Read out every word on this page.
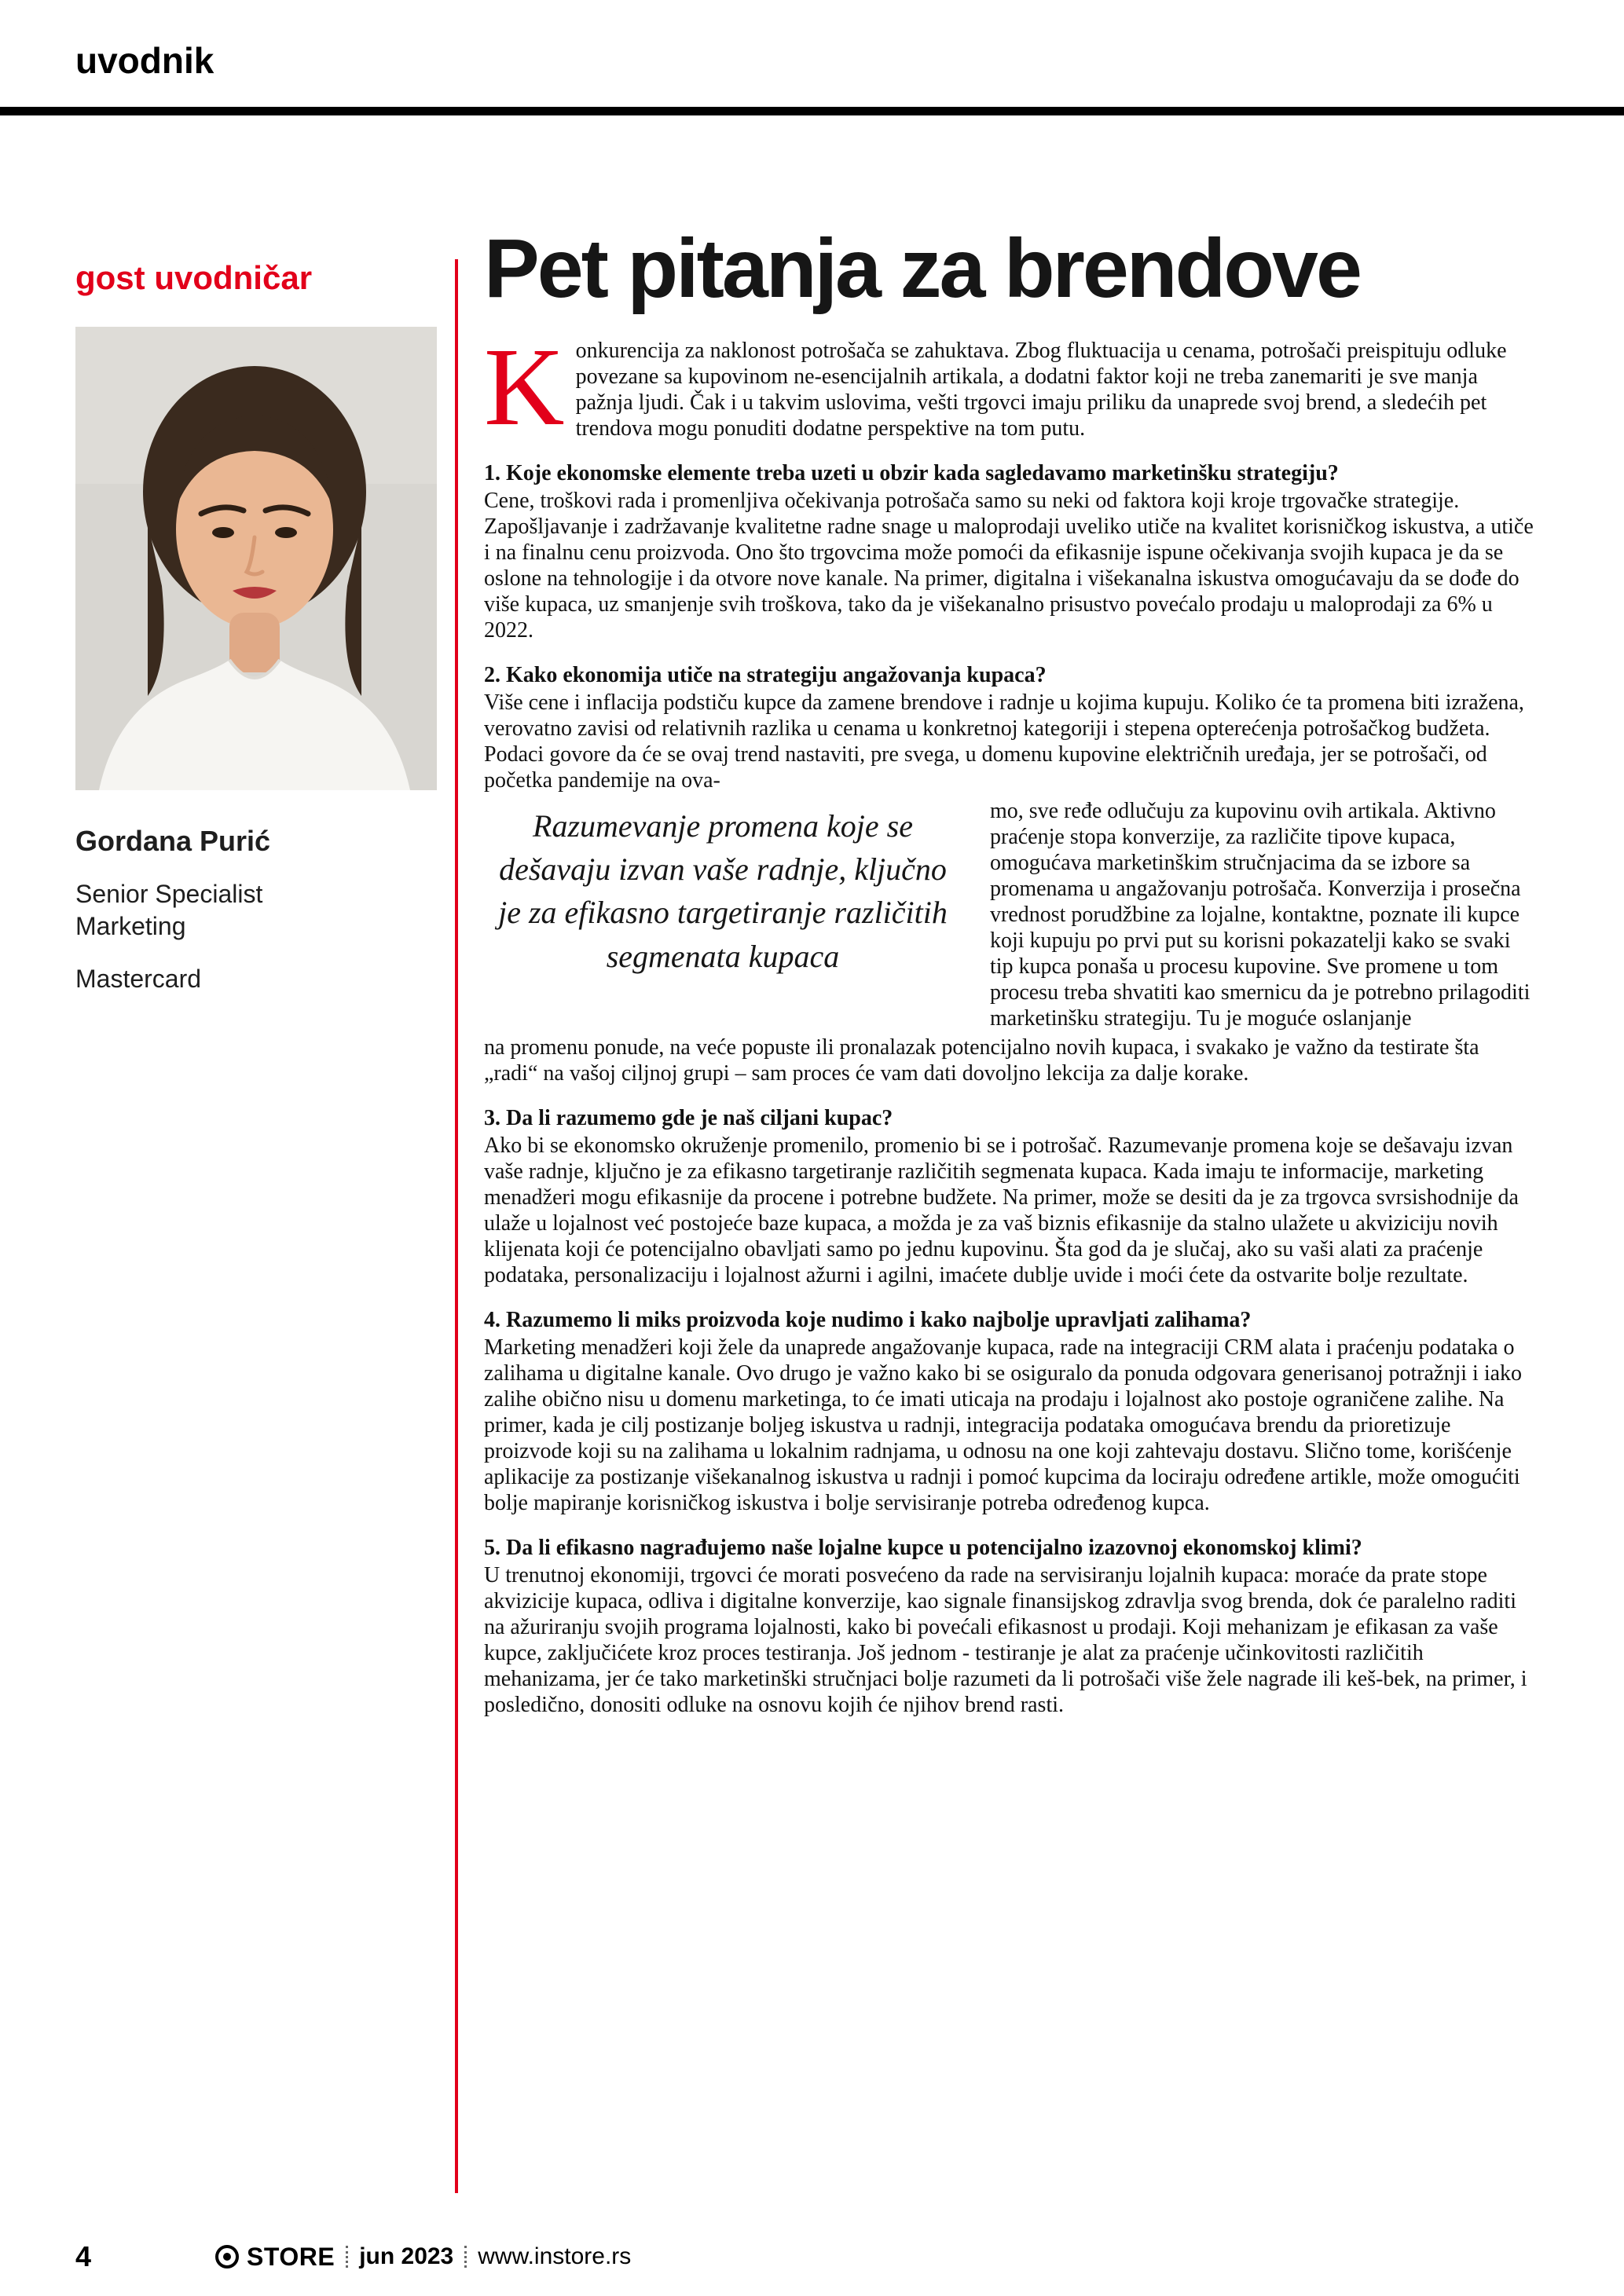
uvodnik
gost uvodničar
Gordana Purić
Senior Specialist
Marketing
Mastercard
Pet pitanja za brendove

Konkurencija za naklonost potrošača se zahuktava. Zbog fluktuacija u cenama, potrošači preispituju odluke povezane sa kupovinom ne-esencijalnih artikala, a dodatni faktor koji ne treba zanemariti je sve manja pažnja ljudi. Čak i u takvim uslovima, vešti trgovci imaju priliku da unaprede svoj brend, a sledećih pet trendova mogu ponuditi dodatne perspektive na tom putu.

1. Koje ekonomske elemente treba uzeti u obzir kada sagledavamo marketinšku strategiju?

Cene, troškovi rada i promenljiva očekivanja potrošača samo su neki od faktora koji kroje trgovačke strategije. Zapošljavanje i zadržavanje kvalitetne radne snage u maloprodaji uveliko utiče na kvalitet korisničkog iskustva, a utiče i na finalnu cenu proizvoda. Ono što trgovcima može pomoći da efikasnije ispune očekivanja svojih kupaca je da se oslone na tehnologije i da otvore nove kanale. Na primer, digitalna i višekanalna iskustva omogućavaju da se dođe do više kupaca, uz smanjenje svih troškova, tako da je višekanalno prisustvo povećalo prodaju u maloprodaji za 6% u 2022.

2. Kako ekonomija utiče na strategiju angažovanja kupaca?

Više cene i inflacija podstiču kupce da zamene brendove i radnje u kojima kupuju. Koliko će ta promena biti izražena, verovatno zavisi od relativnih razlika u cenama u konkretnoj kategoriji i stepena opterećenja potrošačkog budžeta. Podaci govore da će se ovaj trend nastaviti, pre svega, u domenu kupovine električnih uređaja, jer se potrošači, od početka pandemije na ova-

Razumevanje promena koje se dešavaju izvan vaše radnje, ključno je za efikasno targetiranje različitih segmenata kupaca

mo, sve ređe odlučuju za kupovinu ovih artikala. Aktivno praćenje stopa konverzije, za različite tipove kupaca, omogućava marketinškim stručnjacima da se izbore sa promenama u angažovanju potrošača. Konverzija i prosečna vrednost porudžbine za lojalne, kontaktne, poznate ili kupce koji kupuju po prvi put su korisni pokazatelji kako se svaki tip kupca ponaša u procesu kupovine. Sve promene u tom procesu treba shvatiti kao smernicu da je potrebno prilagoditi marketinšku strategiju. Tu je moguće oslanjanje

na promenu ponude, na veće popuste ili pronalazak potencijalno novih kupaca, i svakako je važno da testirate šta „radi“ na vašoj ciljnoj grupi – sam proces će vam dati dovoljno lekcija za dalje korake.

3. Da li razumemo gde je naš ciljani kupac?

Ako bi se ekonomsko okruženje promenilo, promenio bi se i potrošač. Razumevanje promena koje se dešavaju izvan vaše radnje, ključno je za efikasno targetiranje različitih segmenata kupaca. Kada imaju te informacije, marketing menadžeri mogu efikasnije da procene i potrebne budžete. Na primer, može se desiti da je za trgovca svrsishodnije da ulaže u lojalnost već postojeće baze kupaca, a možda je za vaš biznis efikasnije da stalno ulažete u akviziciju novih klijenata koji će potencijalno obavljati samo po jednu kupovinu. Šta god da je slučaj, ako su vaši alati za praćenje podataka, personalizaciju i lojalnost ažurni i agilni, imaćete dublje uvide i moći ćete da ostvarite bolje rezultate.

4. Razumemo li miks proizvoda koje nudimo i kako najbolje upravljati zalihama?

Marketing menadžeri koji žele da unaprede angažovanje kupaca, rade na integraciji CRM alata i praćenju podataka o zalihama u digitalne kanale. Ovo drugo je važno kako bi se osiguralo da ponuda odgovara generisanoj potražnji i iako zalihe obično nisu u domenu marketinga, to će imati uticaja na prodaju i lojalnost ako postoje ograničene zalihe. Na primer, kada je cilj postizanje boljeg iskustva u radnji, integracija podataka omogućava brendu da prioretizuje proizvode koji su na zalihama u lokalnim radnjama, u odnosu na one koji zahtevaju dostavu. Slično tome, korišćenje aplikacije za postizanje višekanalnog iskustva u radnji i pomoć kupcima da lociraju određene artikle, može omogućiti bolje mapiranje korisničkog iskustva i bolje servisiranje potreba određenog kupca.

5. Da li efikasno nagrađujemo naše lojalne kupce u potencijalno izazovnoj ekonomskoj klimi?

U trenutnoj ekonomiji, trgovci će morati posvećeno da rade na servisiranju lojalnih kupaca: moraće da prate stope akvizicije kupaca, odliva i digitalne konverzije, kao signale finansijskog zdravlja svog brenda, dok će paralelno raditi na ažuriranju svojih programa lojalnosti, kako bi povećali efikasnost u prodaji. Koji mehanizam je efikasan za vaše kupce, zaključićete kroz proces testiranja. Još jednom - testiranje je alat za praćenje učinkovitosti različitih mehanizama, jer će tako marketinški stručnjaci bolje razumeti da li potrošači više žele nagrade ili keš-bek, na primer, i posledično, donositi odluke na osnovu kojih će njihov brend rasti.

4	STORE jun 2023 www.instore.rs
